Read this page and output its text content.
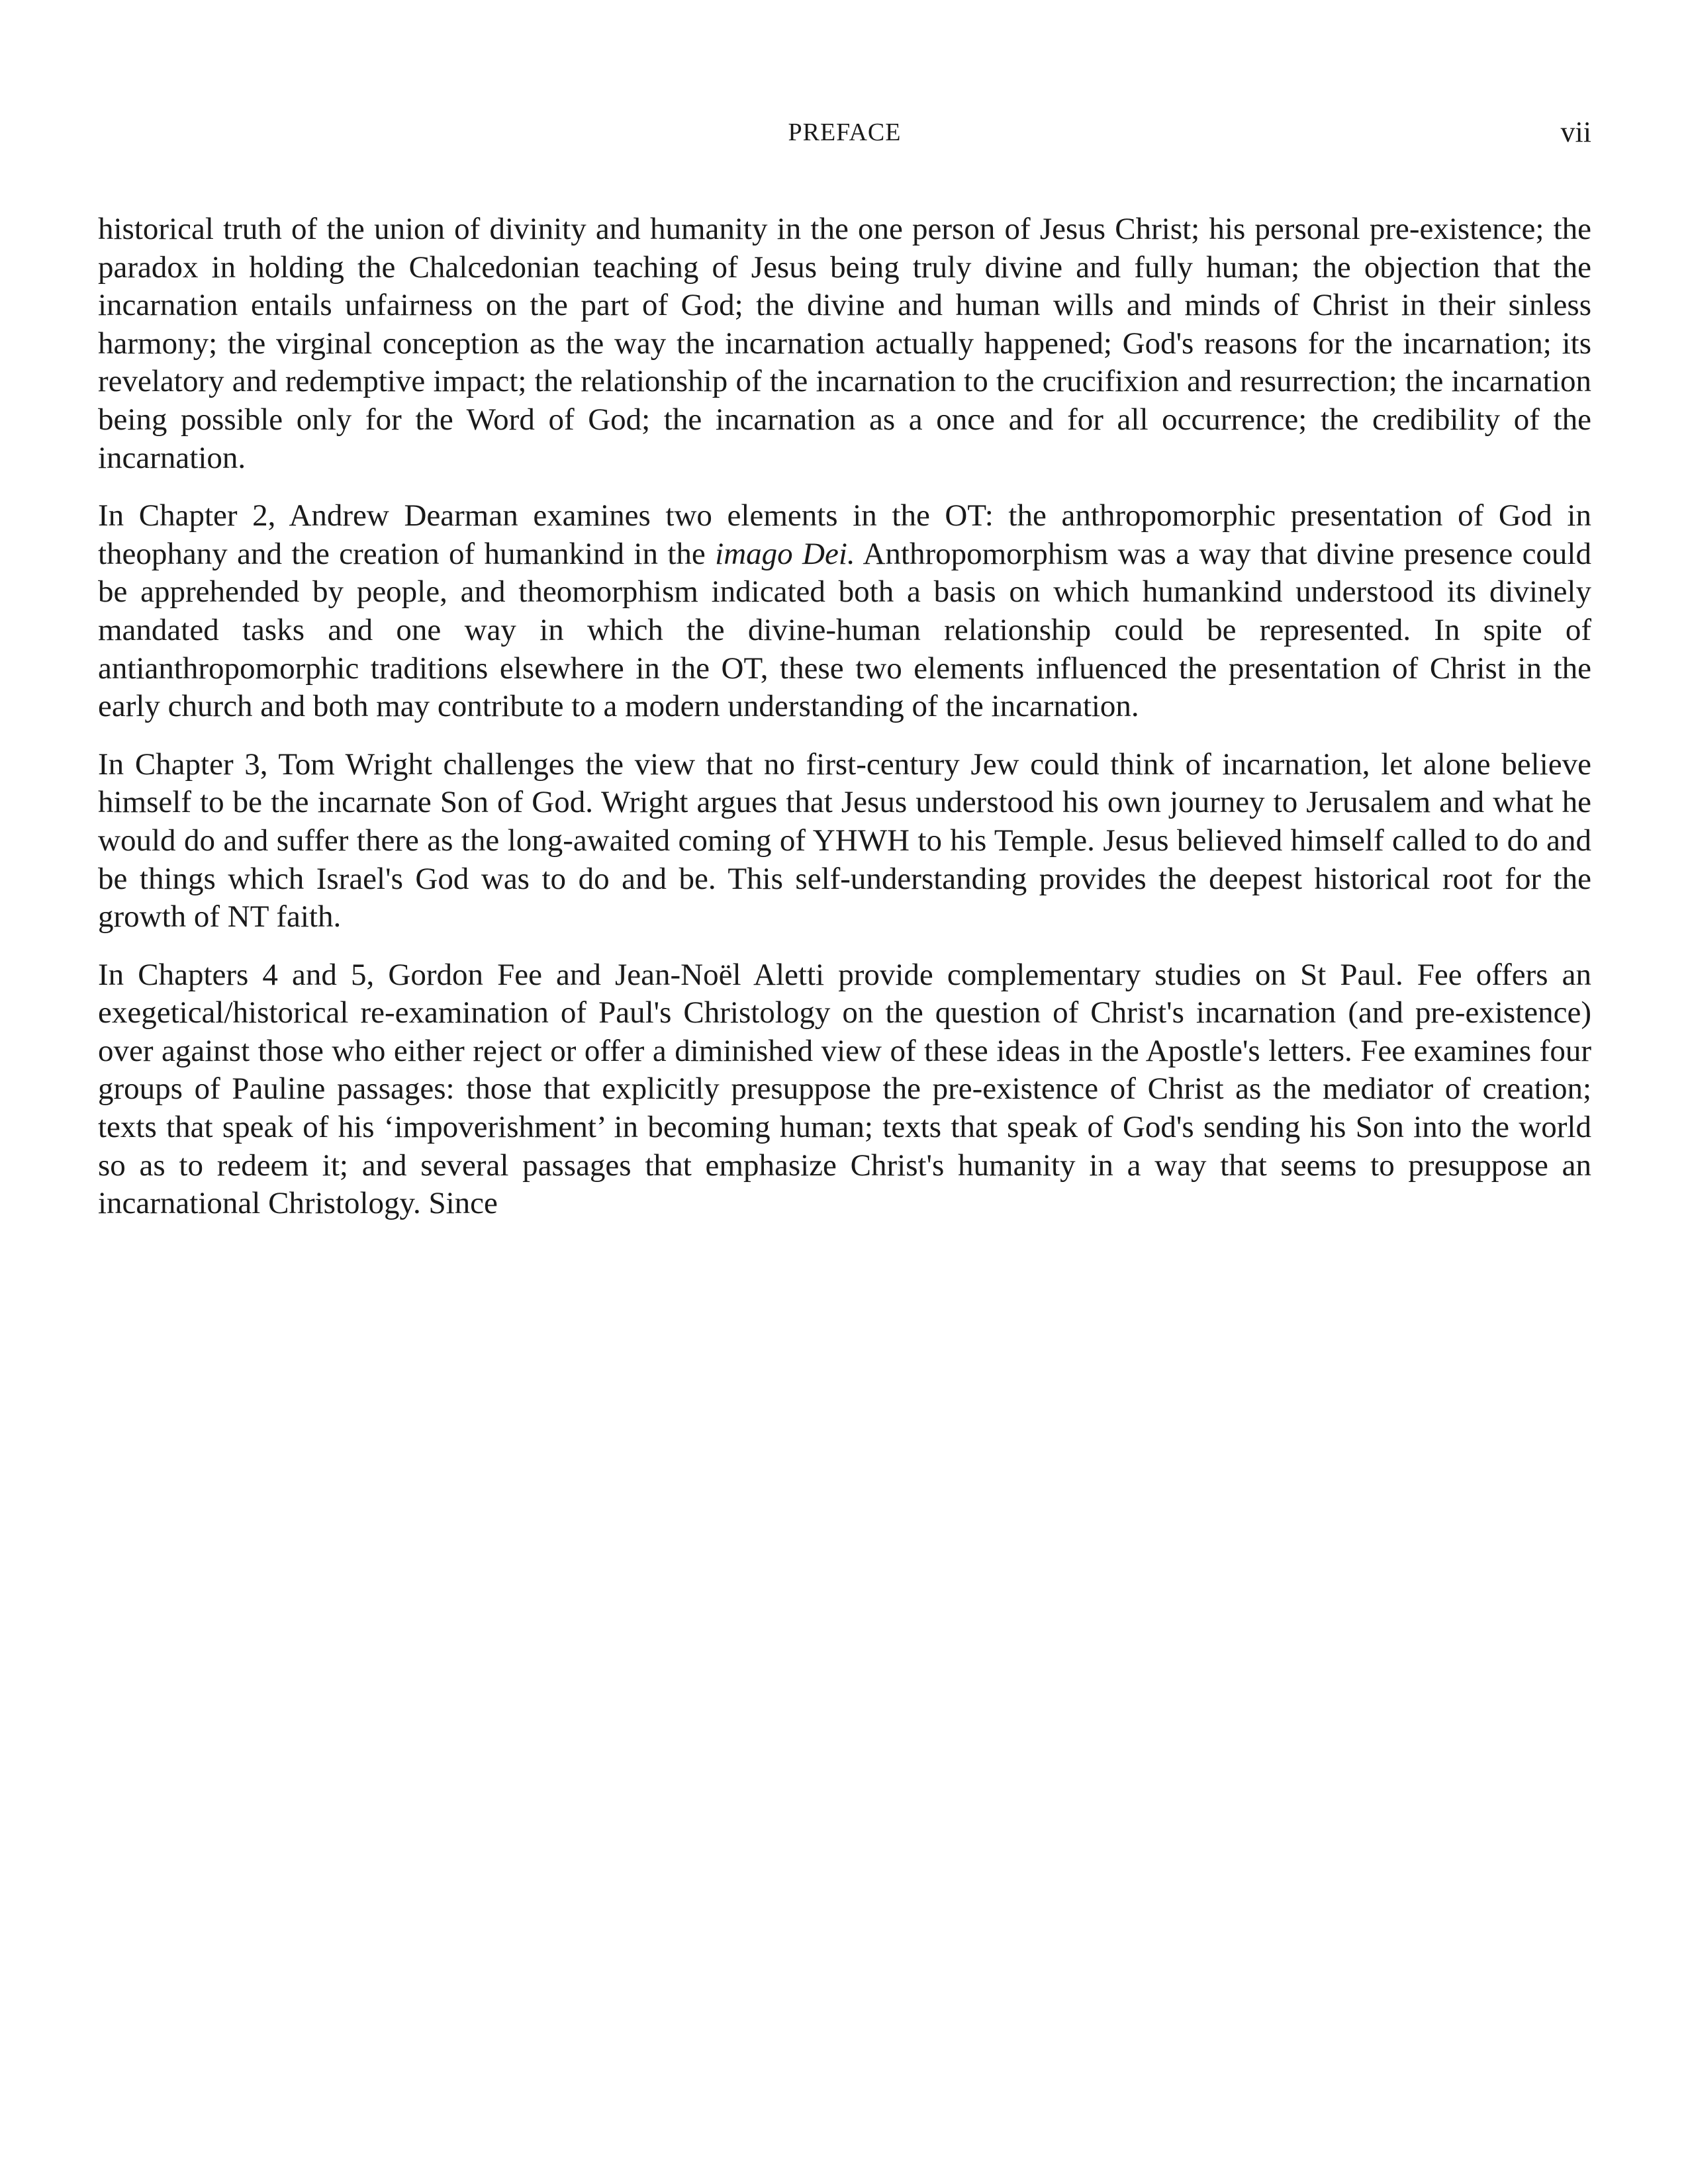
PREFACE	vii

historical truth of the union of divinity and humanity in the one person of Jesus Christ; his personal pre-existence; the paradox in holding the Chalcedonian teaching of Jesus being truly divine and fully human; the objection that the incarnation entails unfairness on the part of God; the divine and human wills and minds of Christ in their sinless harmony; the virginal conception as the way the incarnation actually happened; God's reasons for the incarnation; its revelatory and redemptive impact; the relationship of the incarnation to the crucifixion and resurrection; the incarnation being possible only for the Word of God; the incarnation as a once and for all occurrence; the credibility of the incarnation.

In Chapter 2, Andrew Dearman examines two elements in the OT: the anthropomorphic presentation of God in theophany and the creation of humankind in the imago Dei. Anthropomorphism was a way that divine presence could be apprehended by people, and theomorphism indicated both a basis on which humankind understood its divinely mandated tasks and one way in which the divine-human relationship could be represented. In spite of antianthropomorphic traditions elsewhere in the OT, these two elements influenced the presentation of Christ in the early church and both may contribute to a modern understanding of the incarnation.

In Chapter 3, Tom Wright challenges the view that no first-century Jew could think of incarnation, let alone believe himself to be the incarnate Son of God. Wright argues that Jesus understood his own journey to Jerusalem and what he would do and suffer there as the long-awaited coming of YHWH to his Temple. Jesus believed himself called to do and be things which Israel's God was to do and be. This self-understanding provides the deepest historical root for the growth of NT faith.

In Chapters 4 and 5, Gordon Fee and Jean-Noël Aletti provide complementary studies on St Paul. Fee offers an exegetical/historical re-examination of Paul's Christology on the question of Christ's incarnation (and pre-existence) over against those who either reject or offer a diminished view of these ideas in the Apostle's letters. Fee examines four groups of Pauline passages: those that explicitly presuppose the pre-existence of Christ as the mediator of creation; texts that speak of his ‘impoverishment’ in becoming human; texts that speak of God's sending his Son into the world so as to redeem it; and several passages that emphasize Christ's humanity in a way that seems to presuppose an incarnational Christology. Since
